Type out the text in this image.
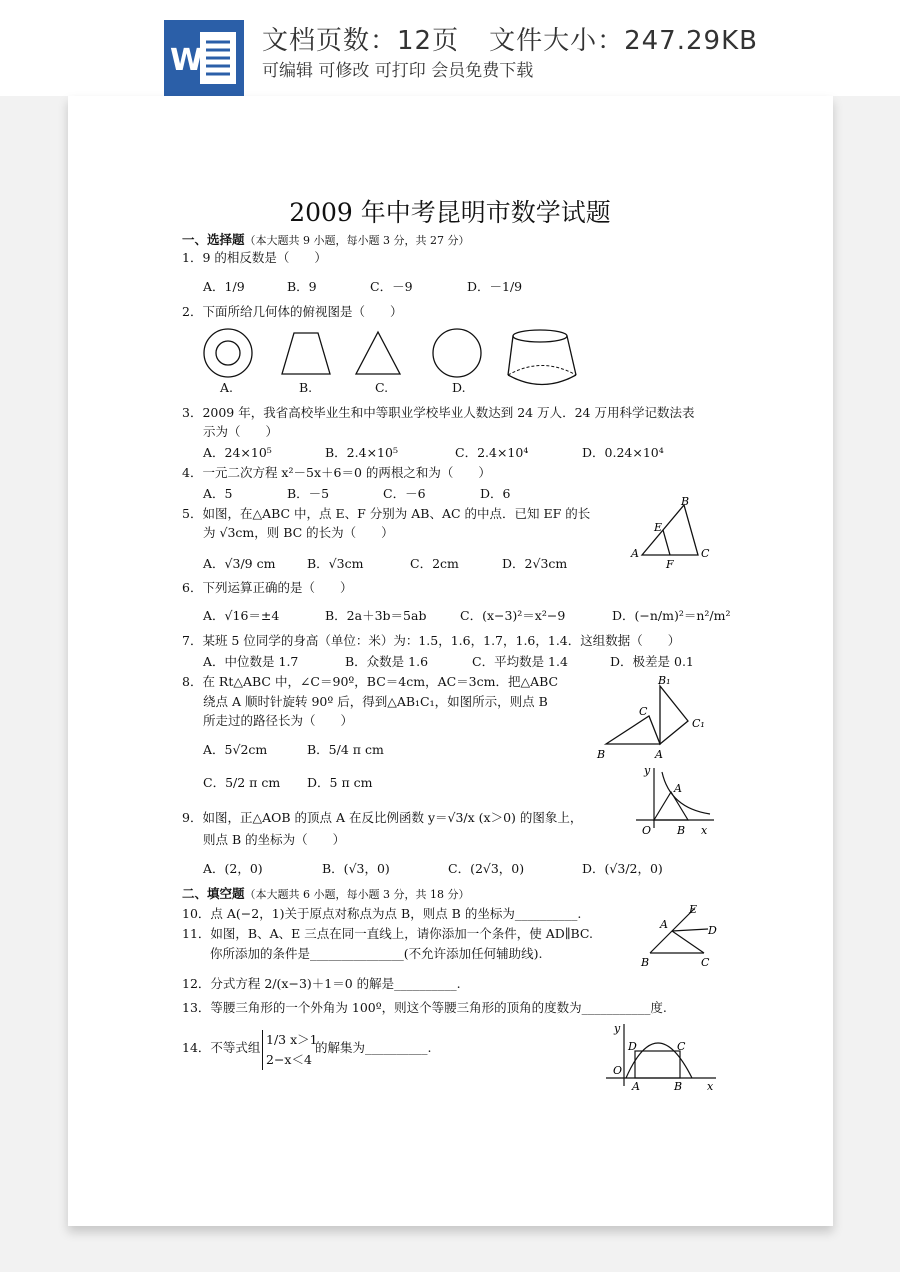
W
文档页数：12页 文件大小：247.29KB
可编辑 可修改 可打印 会员免费下载
2009 年中考昆明市数学试题
一、选择题（本大题共 9 小题，每小题 3 分，共 27 分）
1．9 的相反数是（　　）
A．1/9	B．9	C．－9	D．－1/9
2．下面所给几何体的俯视图是（　　）
A.	B.	C.	D.
3．2009 年，我省高校毕业生和中等职业学校毕业人数达到 24 万人．24 万用科学记数法表
示为（　　）
A．24×10⁵	B．2.4×10⁵	C．2.4×10⁴	D．0.24×10⁴
4．一元二次方程 x²－5x＋6＝0 的两根之和为（　　）
A．5	B．－5	C．－6	D．6
5．如图，在△ABC 中，点 E、F 分别为 AB、AC 的中点．已知 EF 的长
为 √3cm，则 BC 的长为（　　）
A．√3/9 cm	B．√3cm	C．2cm	D．2√3cm
B
E
A	C
F
6．下列运算正确的是（　　）
A．√16＝±4	B．2a＋3b＝5ab	C．(x−3)²＝x²−9	D．(−n/m)²＝n²/m²
7．某班 5 位同学的身高（单位：米）为：1.5，1.6，1.7，1.6，1.4．这组数据（　　）
A．中位数是 1.7	B．众数是 1.6	C．平均数是 1.4	D．极差是 0.1
8．在 Rt△ABC 中，∠C＝90º，BC＝4cm，AC＝3cm．把△ABC
绕点 A 顺时针旋转 90º 后，得到△AB₁C₁，如图所示，则点 B
所走过的路径长为（　　）
A．5√2cm	B．5/4 π cm
C．5/2 π cm D．5 π cm
B₁
C
C₁
B	A
9．如图，正△AOB 的顶点 A 在反比例函数 y＝√3/x (x＞0) 的图象上，
则点 B 的坐标为（　　）
A．(2，0)	B．(√3，0)	C．(2√3，0)	D．(√3/2，0)
y
A
O B x
二、填空题（本大题共 6 小题，每小题 3 分，共 18 分）
10．点 A(−2，1)关于原点对称点为点 B，则点 B 的坐标为__________.
11．如图，B、A、E 三点在同一直线上，请你添加一个条件，使 AD∥BC.
你所添加的条件是_______________(不允许添加任何辅助线).
E
A	D
B	C
12．分式方程 2/(x−3)＋1＝0 的解是__________.
13．等腰三角形的一个外角为 100º，则这个等腰三角形的顶角的度数为___________度.
14．不等式组
1/3 x＞1
2−x＜4
的解集为__________.
y
D	C
O
A	B x
